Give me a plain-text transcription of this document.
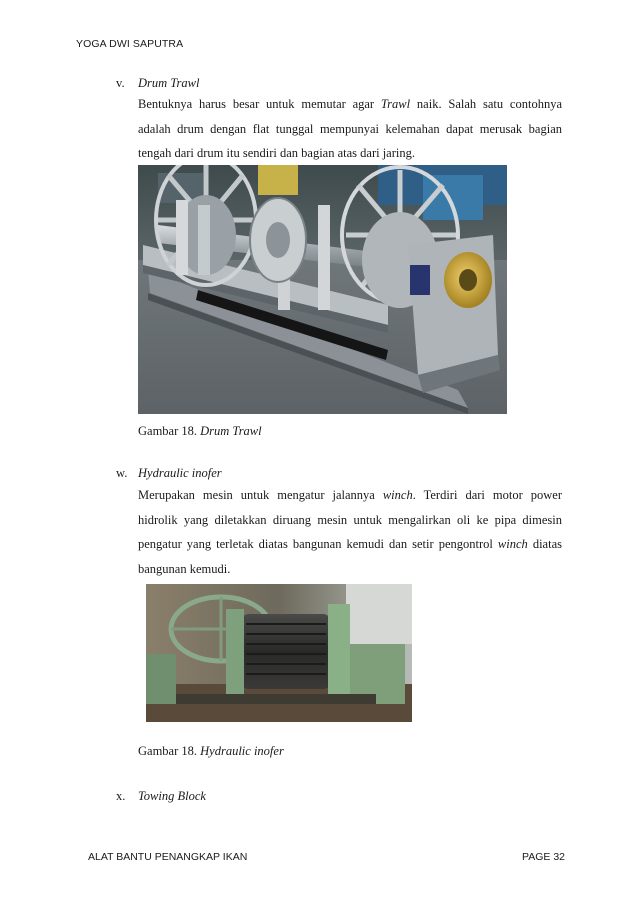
YOGA DWI SAPUTRA
v. Drum Trawl
Bentuknya harus besar untuk memutar agar Trawl naik. Salah satu contohnya
adalah drum dengan flat tunggal mempunyai kelemahan dapat merusak bagian
tengah dari drum itu sendiri dan bagian atas dari jaring.
Gambar 18. Drum Trawl
w. Hydraulic inofer
Merupakan mesin untuk mengatur jalannya winch. Terdiri dari motor power
hidrolik yang diletakkan diruang mesin untuk mengalirkan oli ke pipa dimesin
pengatur yang terletak diatas bangunan kemudi dan setir pengontrol winch diatas
bangunan kemudi.
Gambar 18. Hydraulic inofer
x. Towing Block
ALAT BANTU PENANGKAP IKAN	PAGE 32
